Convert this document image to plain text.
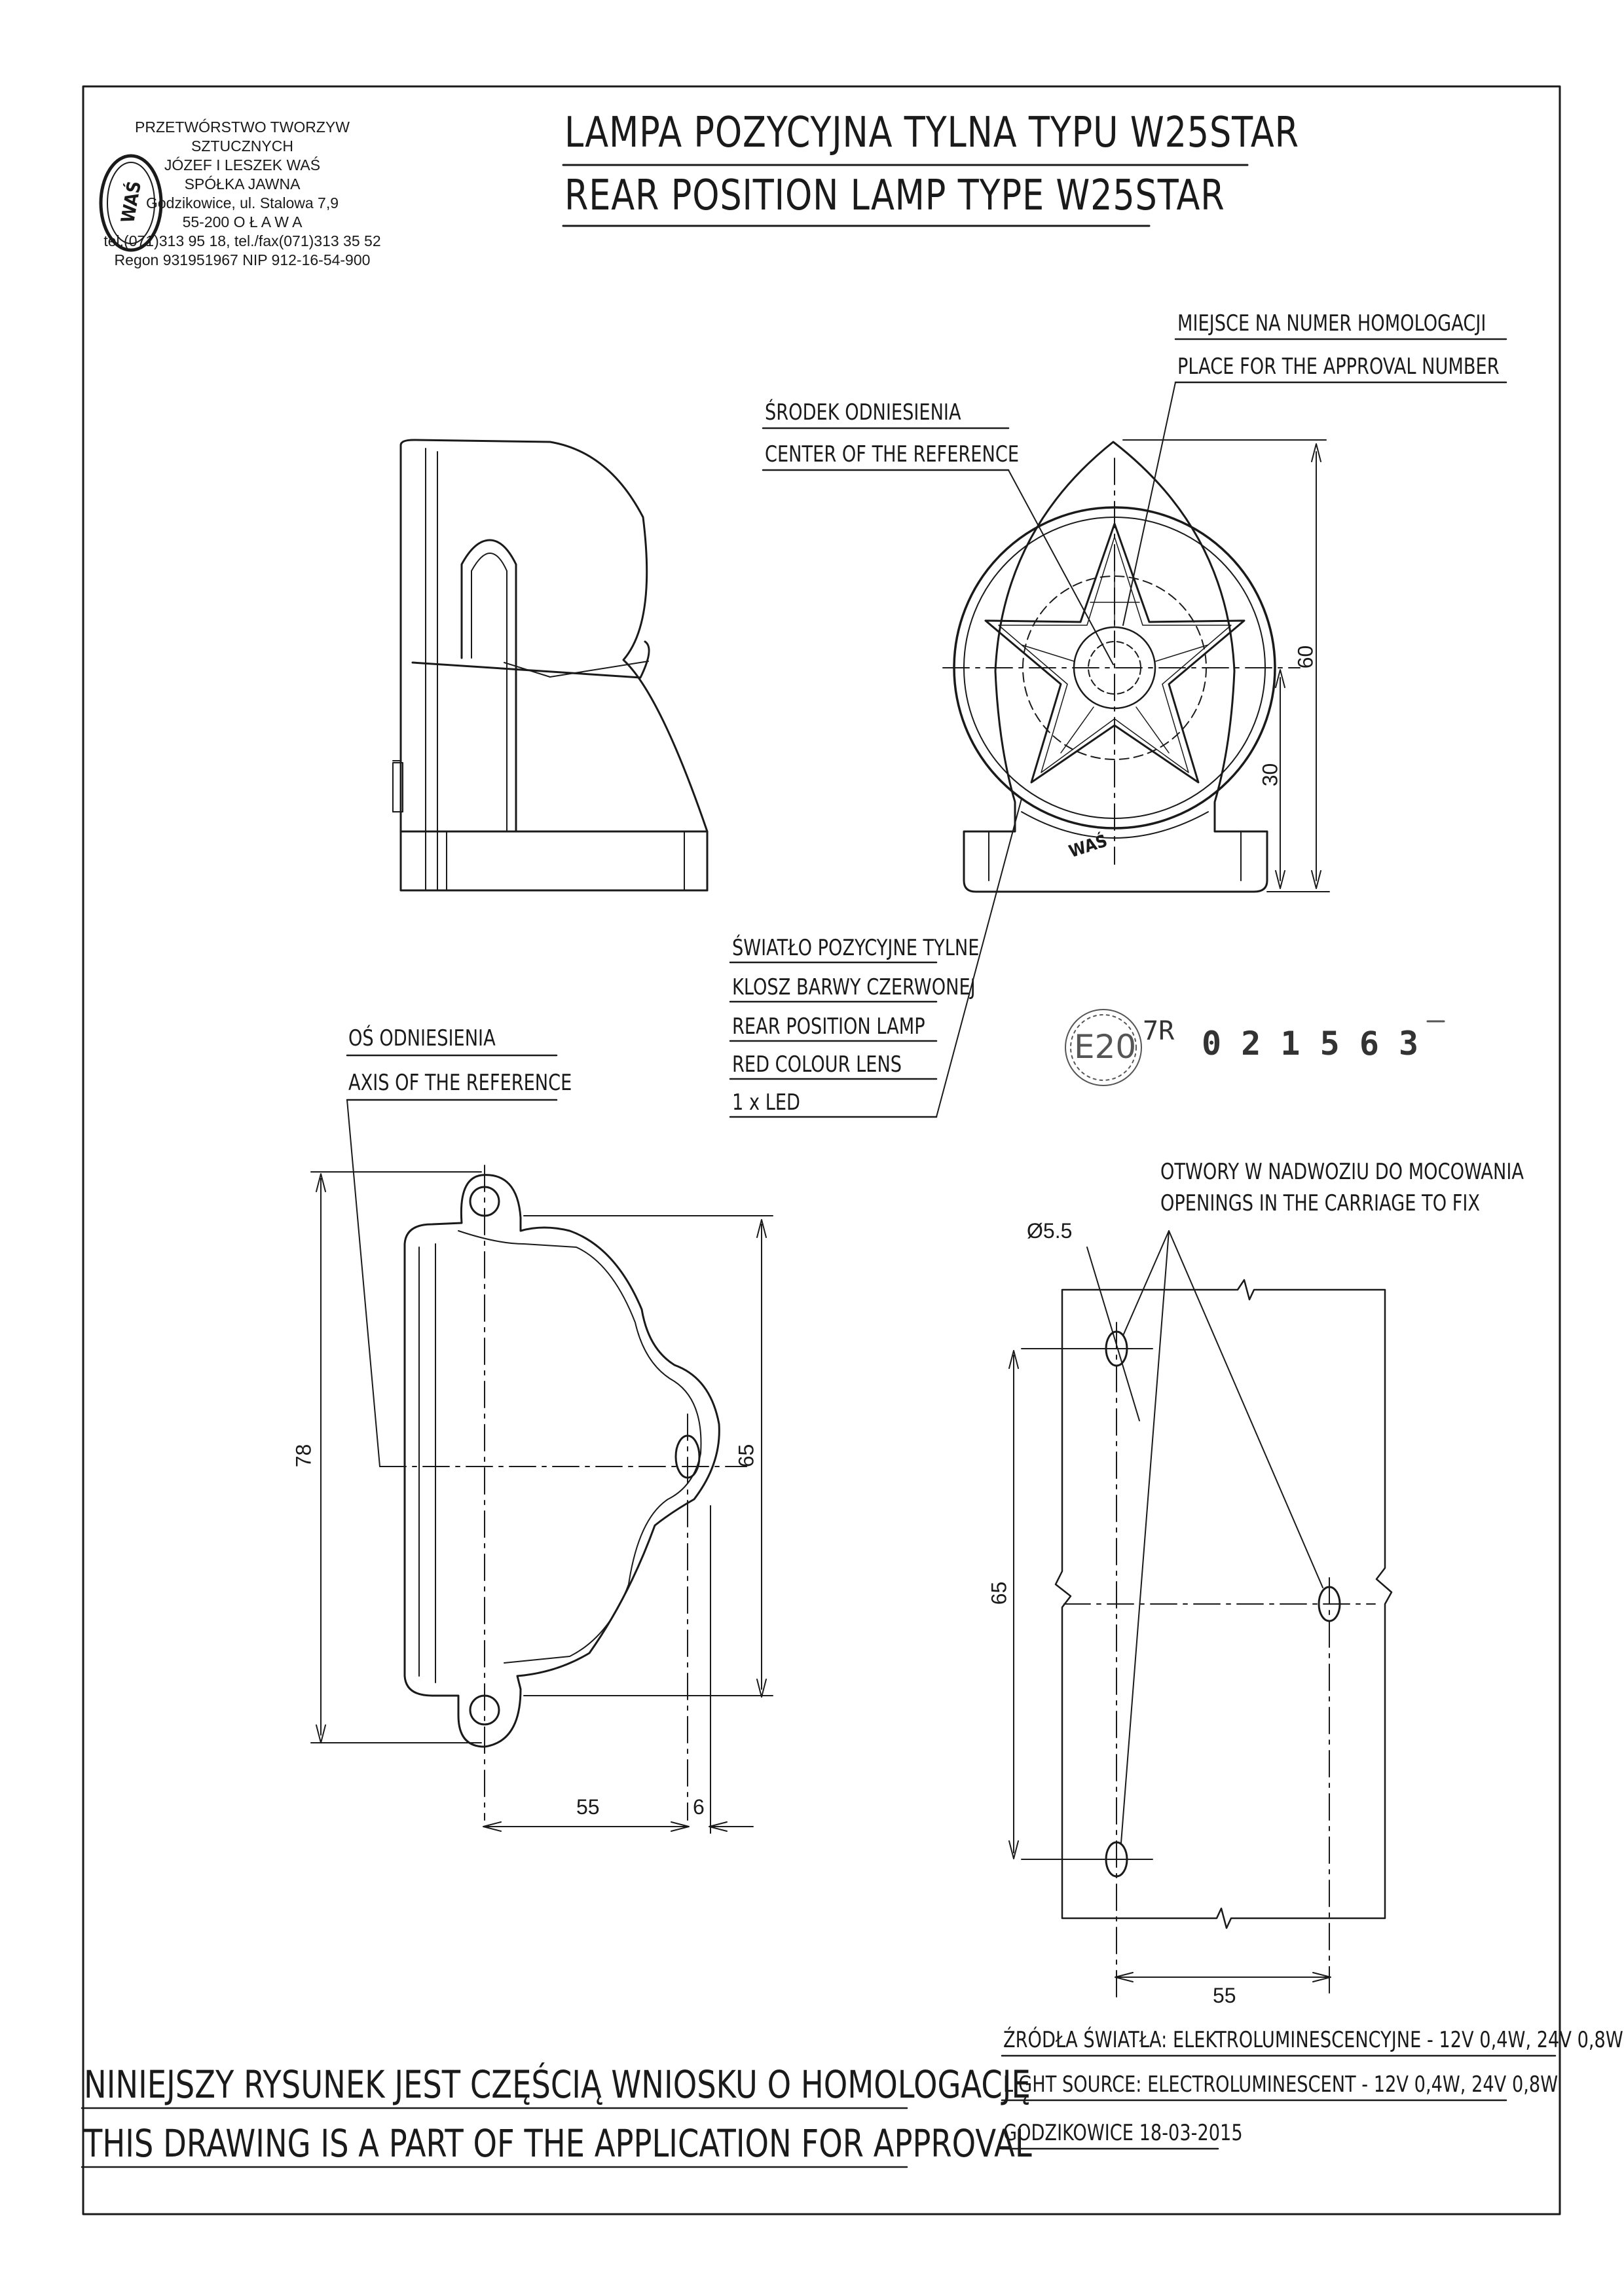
PRZETWÓRSTWO TWORZYW SZTUCZNYCH
JÓZEF I LESZEK WAŚ
SPÓŁKA JAWNA
Godzikowice, ul. Stalowa 7,9
55-200 O Ł A W A
tel.(071)313 95 18, tel./fax(071)313 35 52
Regon 931951967 NIP 912-16-54-900
WAŚ
LAMPA POZYCYJNA TYLNA TYPU W25STAR
REAR POSITION LAMP TYPE W25STAR
MIEJSCE NA NUMER HOMOLOGACJI
PLACE FOR THE APPROVAL NUMBER
ŚRODEK ODNIESIENIA
CENTER OF THE REFERENCE
ŚWIATŁO POZYCYJNE TYLNE
KLOSZ BARWY CZERWONEJ
REAR POSITION LAMP
RED COLOUR LENS
1 x LED
OŚ ODNIESIENIA
AXIS OF THE REFERENCE
OTWORY W NADWOZIU DO MOCOWANIA
OPENINGS IN THE CARRIAGE TO FIX
WAŚ
E20 7R 0 2 1 5 6 3
60
30
78	65
55	6
Ø5.5
65
55
NINIEJSZY RYSUNEK JEST CZĘŚCIĄ WNIOSKU O HOMOLOGACJĘ
THIS DRAWING IS A PART OF THE APPLICATION FOR APPROVAL
ŹRÓDŁA ŚWIATŁA: ELEKTROLUMINESCENCYJNE - 12V 0,4W, 24V 0,8W
LIGHT SOURCE: ELECTROLUMINESCENT - 12V 0,4W, 24V 0,8W
GODZIKOWICE 18-03-2015
